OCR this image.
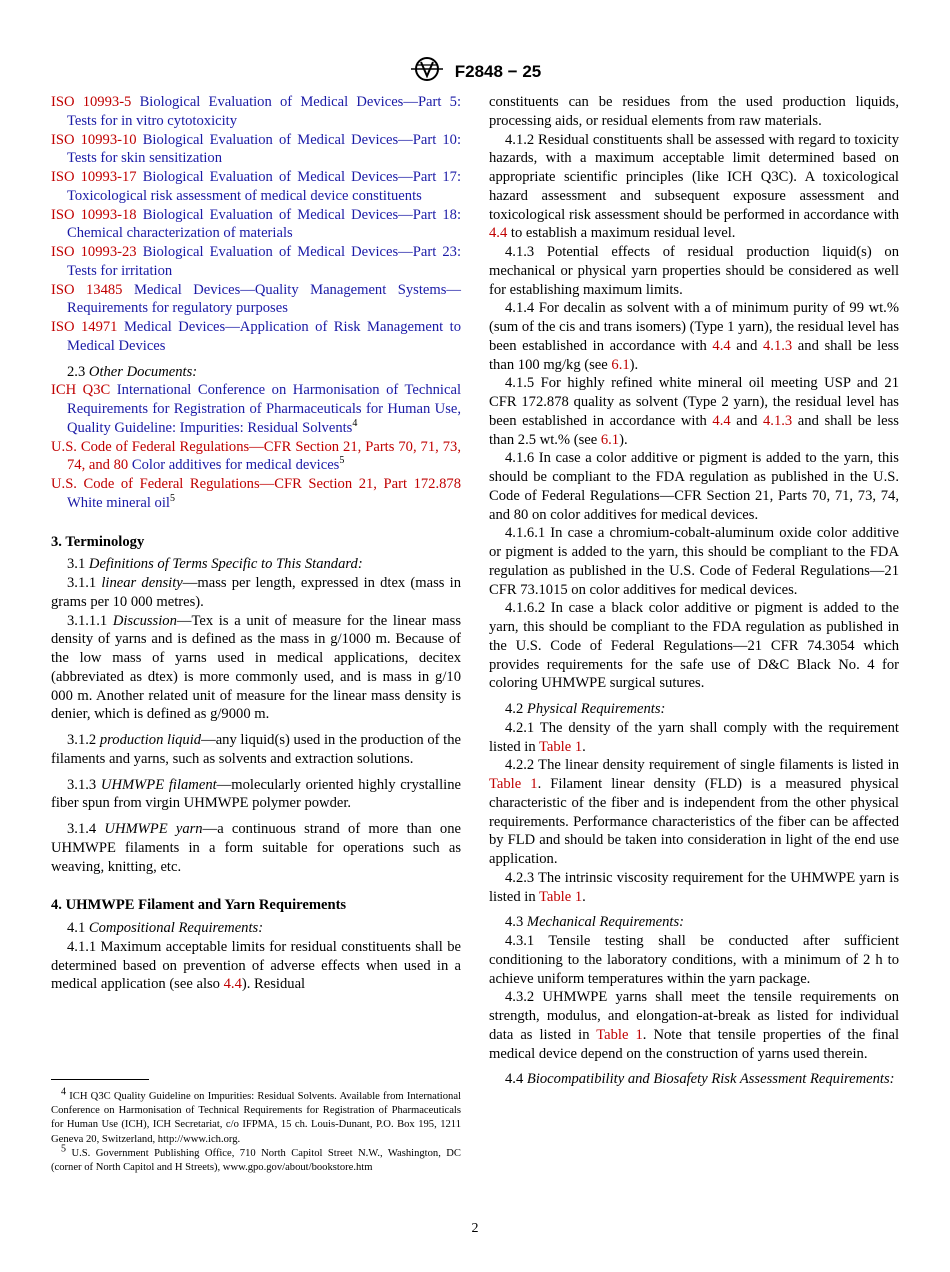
F2848 − 25

ISO 10993-5 Biological Evaluation of Medical Devices—Part 5: Tests for in vitro cytotoxicity

ISO 10993-10 Biological Evaluation of Medical Devices—Part 10: Tests for skin sensitization

ISO 10993-17 Biological Evaluation of Medical Devices—Part 17: Toxicological risk assessment of medical device constituents

ISO 10993-18 Biological Evaluation of Medical Devices—Part 18: Chemical characterization of materials

ISO 10993-23 Biological Evaluation of Medical Devices—Part 23: Tests for irritation

ISO 13485 Medical Devices—Quality Management Systems—Requirements for regulatory purposes

ISO 14971 Medical Devices—Application of Risk Management to Medical Devices

2.3 Other Documents:

ICH Q3C International Conference on Harmonisation of Technical Requirements for Registration of Pharmaceuticals for Human Use, Quality Guideline: Impurities: Residual Solvents$^4$

U.S. Code of Federal Regulations—CFR Section 21, Parts 70, 71, 73, 74, and 80 Color additives for medical devices$^5$

U.S. Code of Federal Regulations—CFR Section 21, Part 172.878 White mineral oil$^5$

3. Terminology

3.1 Definitions of Terms Specific to This Standard:

3.1.1 linear density—mass per length, expressed in dtex (mass in grams per 10 000 metres).

3.1.1.1 Discussion—Tex is a unit of measure for the linear mass density of yarns and is defined as the mass in g/1000 m. Because of the low mass of yarns used in medical applications, decitex (abbreviated as dtex) is more commonly used, and is mass in g/10 000 m. Another related unit of measure for the linear mass density is denier, which is defined as g/9000 m.

3.1.2 production liquid—any liquid(s) used in the production of the filaments and yarns, such as solvents and extraction solutions.

3.1.3 UHMWPE filament—molecularly oriented highly crystalline fiber spun from virgin UHMWPE polymer powder.

3.1.4 UHMWPE yarn—a continuous strand of more than one UHMWPE filaments in a form suitable for operations such as weaving, knitting, etc.

4. UHMWPE Filament and Yarn Requirements

4.1 Compositional Requirements:

4.1.1 Maximum acceptable limits for residual constituents shall be determined based on prevention of adverse effects when used in a medical application (see also 4.4). Residual

constituents can be residues from the used production liquids, processing aids, or residual elements from raw materials.

4.1.2 Residual constituents shall be assessed with regard to toxicity hazards, with a maximum acceptable limit determined based on appropriate scientific principles (like ICH Q3C). A toxicological hazard assessment and subsequent exposure assessment and toxicological risk assessment should be performed in accordance with 4.4 to establish a maximum residual level.

4.1.3 Potential effects of residual production liquid(s) on mechanical or physical yarn properties should be considered as well for establishing maximum limits.

4.1.4 For decalin as solvent with a of minimum purity of 99 wt.% (sum of the cis and trans isomers) (Type 1 yarn), the residual level has been established in accordance with 4.4 and 4.1.3 and shall be less than 100 mg/kg (see 6.1).

4.1.5 For highly refined white mineral oil meeting USP and 21 CFR 172.878 quality as solvent (Type 2 yarn), the residual level has been established in accordance with 4.4 and 4.1.3 and shall be less than 2.5 wt.% (see 6.1).

4.1.6 In case a color additive or pigment is added to the yarn, this should be compliant to the FDA regulation as published in the U.S. Code of Federal Regulations—CFR Section 21, Parts 70, 71, 73, 74, and 80 on color additives for medical devices.

4.1.6.1 In case a chromium-cobalt-aluminum oxide color additive or pigment is added to the yarn, this should be compliant to the FDA regulation as published in the U.S. Code of Federal Regulations—21 CFR 73.1015 on color additives for medical devices.

4.1.6.2 In case a black color additive or pigment is added to the yarn, this should be compliant to the FDA regulation as published in the U.S. Code of Federal Regulations—21 CFR 74.3054 which provides requirements for the safe use of D&C Black No. 4 for coloring UHMWPE surgical sutures.

4.2 Physical Requirements:

4.2.1 The density of the yarn shall comply with the requirement listed in Table 1.

4.2.2 The linear density requirement of single filaments is listed in Table 1. Filament linear density (FLD) is a measured physical characteristic of the fiber and is independent from the other physical requirements. Performance characteristics of the fiber can be affected by FLD and should be taken into consideration in light of the end use application.

4.2.3 The intrinsic viscosity requirement for the UHMWPE yarn is listed in Table 1.

4.3 Mechanical Requirements:

4.3.1 Tensile testing shall be conducted after sufficient conditioning to the laboratory conditions, with a minimum of 2 h to achieve uniform temperatures within the yarn package.

4.3.2 UHMWPE yarns shall meet the tensile requirements on strength, modulus, and elongation-at-break as listed for individual data as listed in Table 1. Note that tensile properties of the final medical device depend on the construction of yarns used therein.

4.4 Biocompatibility and Biosafety Risk Assessment Requirements:

$^4$ ICH Q3C Quality Guideline on Impurities: Residual Solvents. Available from International Conference on Harmonisation of Technical Requirements for Registration of Pharmaceuticals for Human Use (ICH), ICH Secretariat, c/o IFPMA, 15 ch. Louis-Dunant, P.O. Box 195, 1211 Geneva 20, Switzerland, http://www.ich.org.

$^5$ U.S. Government Publishing Office, 710 North Capitol Street N.W., Washington, DC (corner of North Capitol and H Streets), www.gpo.gov/about/bookstore.htm

2
